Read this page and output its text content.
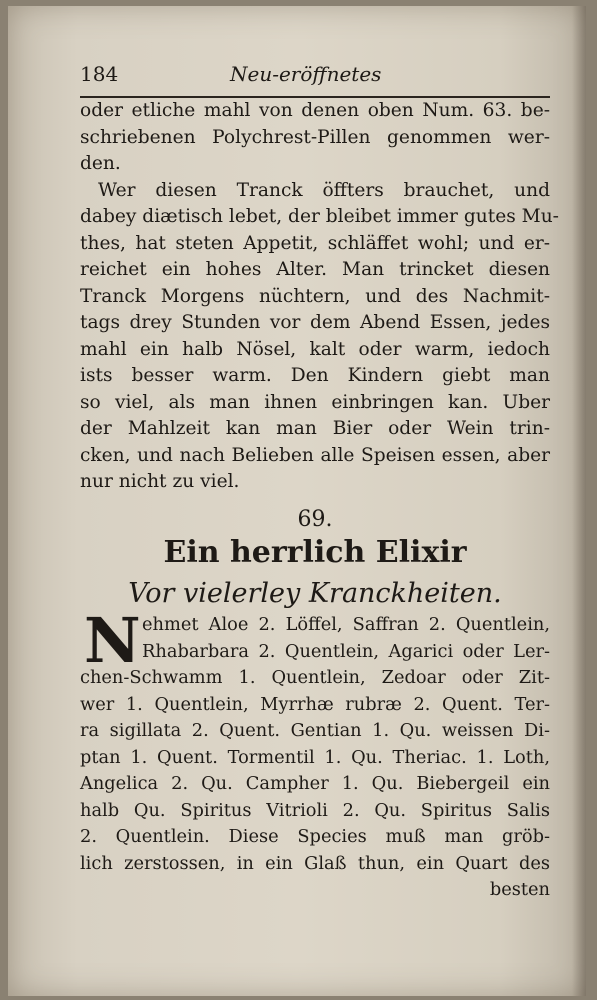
184	Neu-eröffnetes
oder etliche mahl von denen oben Num. 63. be-
schriebenen Polychrest-Pillen genommen wer-
den.
Wer diesen Tranck öffters brauchet, und
dabey diætisch lebet, der bleibet immer gutes Mu-
thes, hat steten Appetit, schläffet wohl; und er-
reichet ein hohes Alter. Man trincket diesen
Tranck Morgens nüchtern, und des Nachmit-
tags drey Stunden vor dem Abend Essen, jedes
mahl ein halb Nösel, kalt oder warm, iedoch
ists besser warm. Den Kindern giebt man
so viel, als man ihnen einbringen kan. Uber
der Mahlzeit kan man Bier oder Wein trin-
cken, und nach Belieben alle Speisen essen, aber
nur nicht zu viel.
69.
Ein herrlich Elixir
Vor vielerley Kranckheiten.
N ehmet Aloe 2. Löffel, Saffran 2. Quentlein,
Rhabarbara 2. Quentlein, Agarici oder Ler-
chen-Schwamm 1. Quentlein, Zedoar oder Zit-
wer 1. Quentlein, Myrrhæ rubræ 2. Quent. Ter-
ra sigillata 2. Quent. Gentian 1. Qu. weissen Di-
ptan 1. Quent. Tormentil 1. Qu. Theriac. 1. Loth,
Angelica 2. Qu. Campher 1. Qu. Biebergeil ein
halb Qu. Spiritus Vitrioli 2. Qu. Spiritus Salis
2. Quentlein. Diese Species muß man gröb-
lich zerstossen, in ein Glaß thun, ein Quart des
besten
